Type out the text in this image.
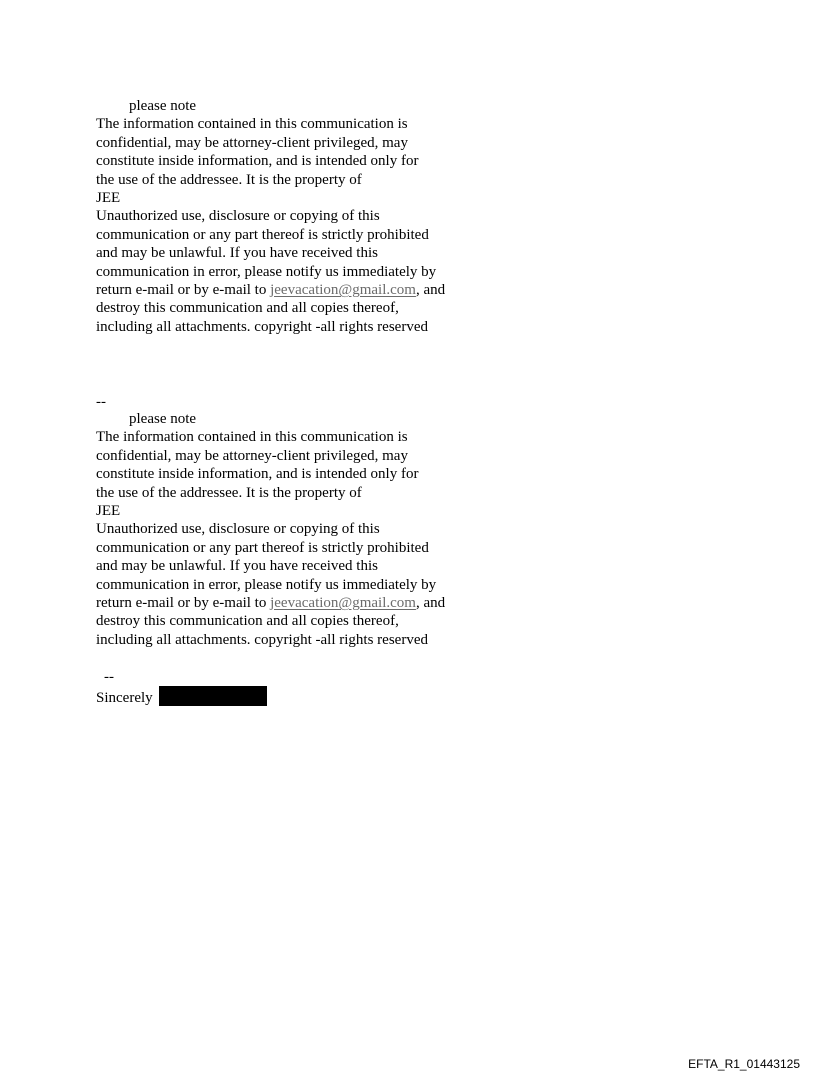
please note
The information contained in this communication is
confidential, may be attorney-client privileged, may
constitute inside information, and is intended only for
the use of the addressee. It is the property of
JEE
Unauthorized use, disclosure or copying of this
communication or any part thereof is strictly prohibited
and may be unlawful. If you have received this
communication in error, please notify us immediately by
return e-mail or by e-mail to jeevacation@gmail.com, and
destroy this communication and all copies thereof,
including all attachments. copyright -all rights reserved
--
please note
The information contained in this communication is
confidential, may be attorney-client privileged, may
constitute inside information, and is intended only for
the use of the addressee. It is the property of
JEE
Unauthorized use, disclosure or copying of this
communication or any part thereof is strictly prohibited
and may be unlawful. If you have received this
communication in error, please notify us immediately by
return e-mail or by e-mail to jeevacation@gmail.com, and
destroy this communication and all copies thereof,
including all attachments. copyright -all rights reserved
--
Sincerely
EFTA_R1_01443125
